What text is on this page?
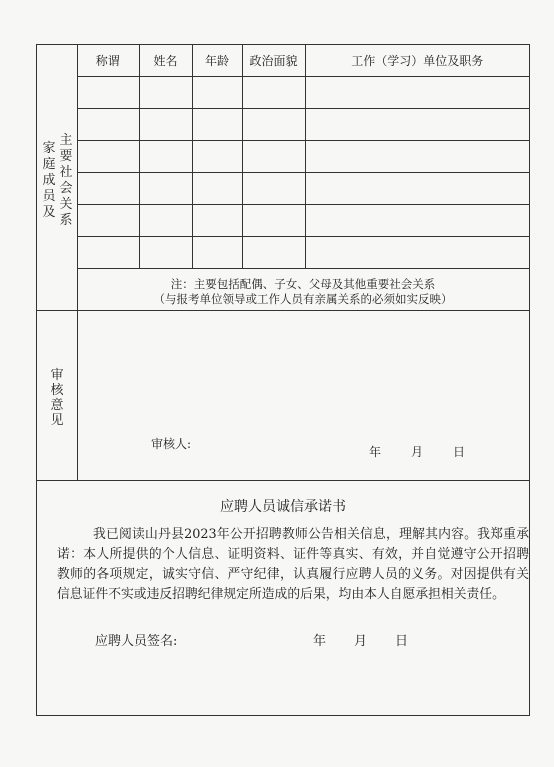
家庭成员及
主要社会关系
称谓	姓名	年龄	政治面貌	工作（学习）单位及职务

注：主要包括配偶、子女、父母及其他重要社会关系
（与报考单位领导或工作人员有亲属关系的必须如实反映）
审核意见
审核人:
年	月	日
应聘人员诚信承诺书
我已阅读山丹县2023年公开招聘教师公告相关信息，理解其内容。我郑重承诺：本人所提供的个人信息、证明资料、证件等真实、有效，并自觉遵守公开招聘教师的各项规定，诚实守信、严守纪律，认真履行应聘人员的义务。对因提供有关信息证件不实或违反招聘纪律规定所造成的后果，均由本人自愿承担相关责任。
应聘人员签名:	年 月 日
